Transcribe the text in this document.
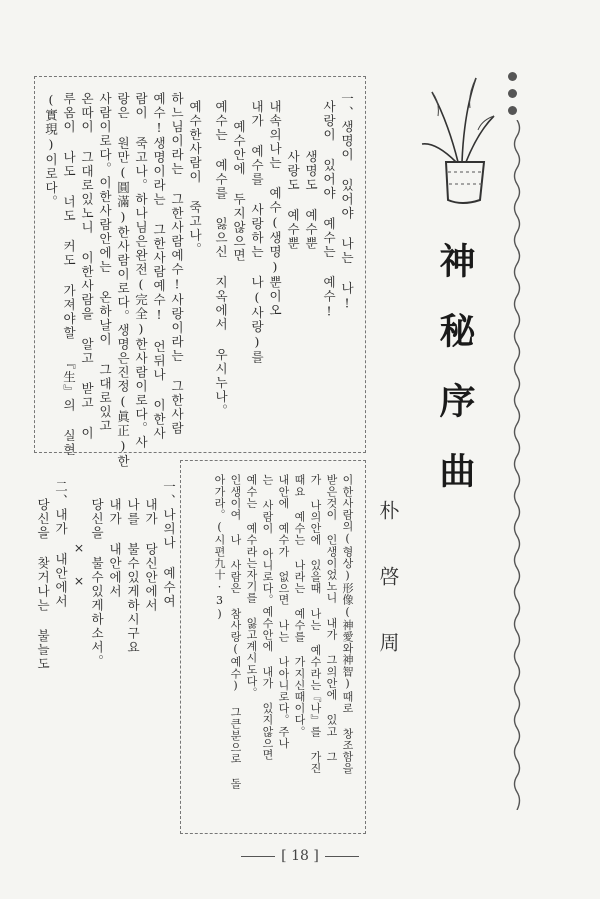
神秘序曲
朴啓周
一、생명이 있어야 나는 나!
사랑이 있어야 예수는 예수!
생명도 예수뿐
사랑도 예수뿐
내속의나는 예수(생명)뿐이오
내가 예수를 사랑하는 나(사랑)를
예수안에 두지않으면
예수는 예수를 잃으신 지옥에서 우시누나。
예수한사람이 죽고나。
하느님이라는 그한사람예수!사랑이라는 그한사람
예수!생명이라는 그한사람예수! 언뒤나 이한사
람이 죽고나。하나님은완전(完全)한사람이로다。사
랑은 원만(圓滿)한사람이로다。생명은진정(眞正)한
사람이로다。이한사람안에는 온하날이 그대로있고
온따이 그대로있노니 이한사람을 알고 받고 이
루옴이 나도 너도 커도 가져야할 『生』의 실현
(實現)이로다。
이한사람의(형상)形像(神愛와神智)때로 창조함을
받은것이 인생이었노니 내가 그의안에 있고 그
가 나의안에 있을때 나는 예수라는『나』를 가진
때요 예수는 나라는 예수를 가지신때이다。
내안에 예수가 없으면 나는 나아니로다。주나
는 사람이 아니로다。예수안에 내가 있지않으면
예수는 예수라는자기를 잃고계시도다。
인생이여 나 사람은 참사랑(예수) 그큰분으로 돌
아가라。(시편九十·3)
一、나의나 예수여
내가 당신안에서
나를 불수있게하시구요
내가 내안에서
당신을 불수있게하소서。
× ×
二、내가 내안에서
당신을 찾거나는 불늘도
[ 18 ]
